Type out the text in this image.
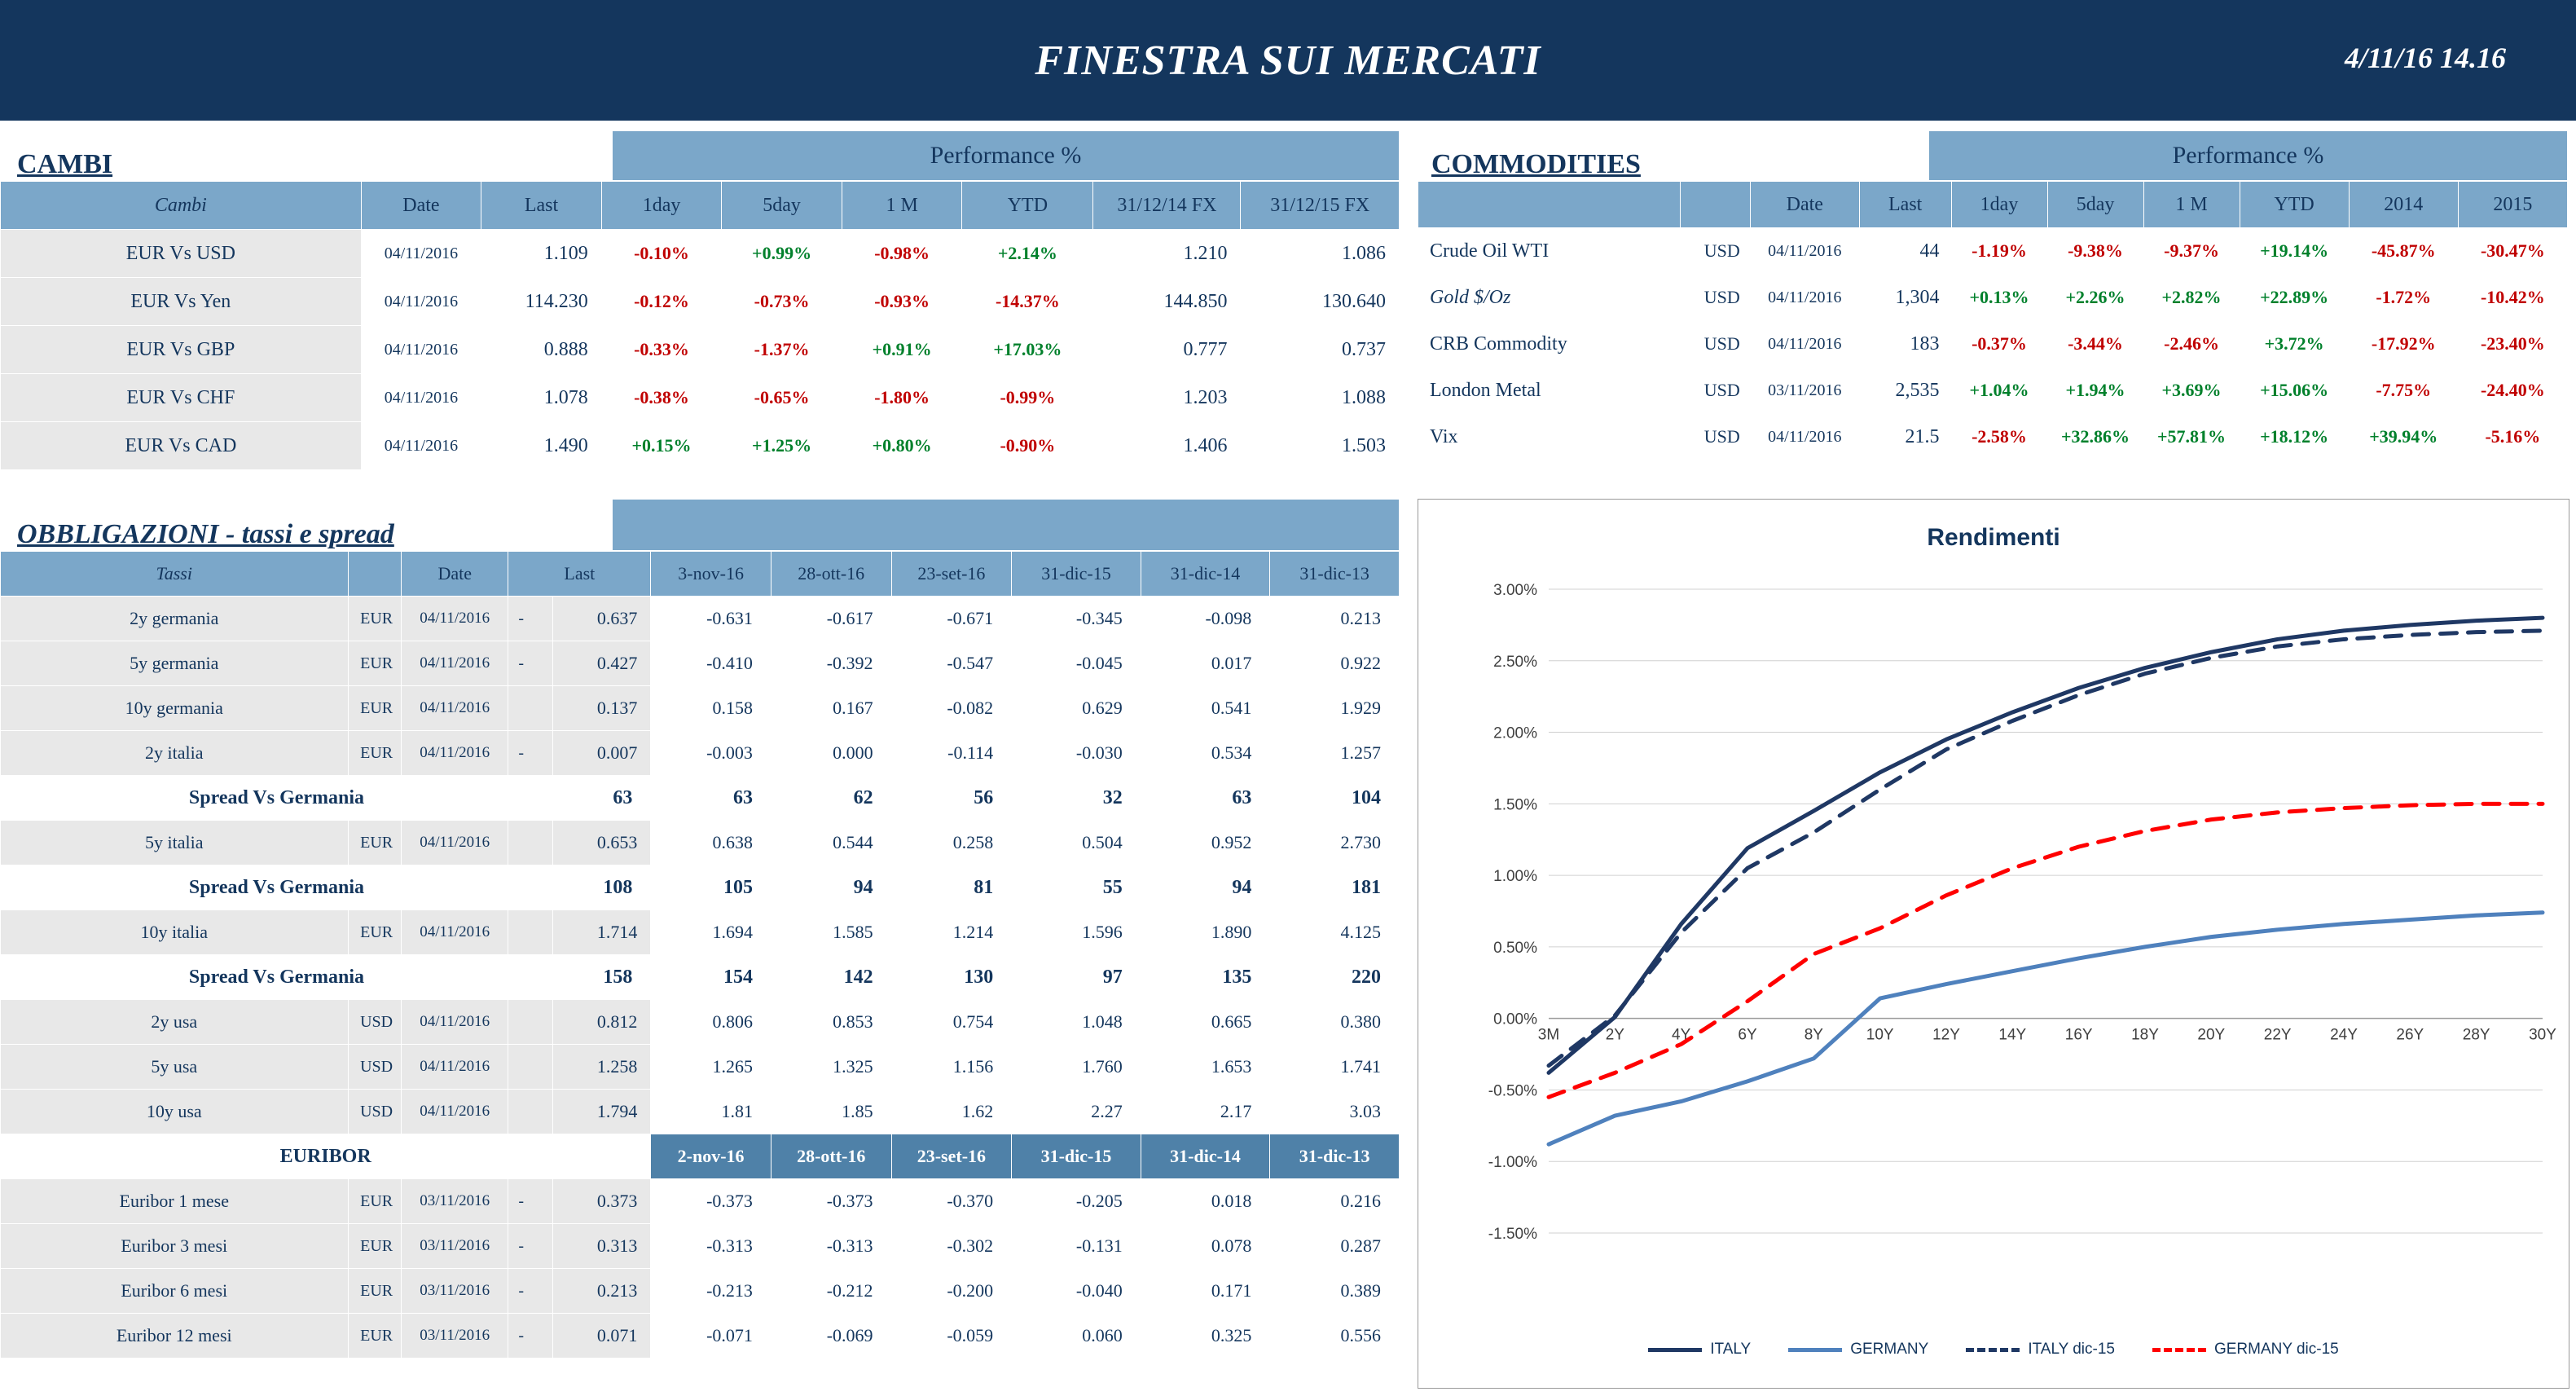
FINESTRA SUI MERCATI	4/11/16 14.16
CAMBI	Performance %
Cambi	Date	Last	1day	5day	1 M	YTD	31/12/14 FX	31/12/15 FX
EUR Vs USD	04/11/2016	1.109	-0.10%	+0.99%	-0.98%	+2.14%	1.210	1.086
EUR Vs Yen	04/11/2016	114.230	-0.12%	-0.73%	-0.93%	-14.37%	144.850	130.640
EUR Vs GBP	04/11/2016	0.888	-0.33%	-1.37%	+0.91%	+17.03%	0.777	0.737
EUR Vs CHF	04/11/2016	1.078	-0.38%	-0.65%	-1.80%	-0.99%	1.203	1.088
EUR Vs CAD	04/11/2016	1.490	+0.15%	+1.25%	+0.80%	-0.90%	1.406	1.503
COMMODITIES	Performance %
		Date	Last	1day	5day	1 M	YTD	2014	2015
Crude Oil WTI	USD	04/11/2016	44	-1.19%	-9.38%	-9.37%	+19.14%	-45.87%	-30.47%
Gold $/Oz	USD	04/11/2016	1,304	+0.13%	+2.26%	+2.82%	+22.89%	-1.72%	-10.42%
CRB Commodity	USD	04/11/2016	183	-0.37%	-3.44%	-2.46%	+3.72%	-17.92%	-23.40%
London Metal	USD	03/11/2016	2,535	+1.04%	+1.94%	+3.69%	+15.06%	-7.75%	-24.40%
Vix	USD	04/11/2016	21.5	-2.58%	+32.86%	+57.81%	+18.12%	+39.94%	-5.16%
OBBLIGAZIONI - tassi e spread	
Tassi		Date	Last		3-nov-16	28-ott-16	23-set-16	31-dic-15	31-dic-14	31-dic-13
2y germania	EUR	04/11/2016	-	0.637	-0.631	-0.617	-0.671	-0.345	-0.098	0.213
5y germania	EUR	04/11/2016	-	0.427	-0.410	-0.392	-0.547	-0.045	0.017	0.922
10y germania	EUR	04/11/2016		0.137	0.158	0.167	-0.082	0.629	0.541	1.929
2y italia	EUR	04/11/2016	-	0.007	-0.003	0.000	-0.114	-0.030	0.534	1.257
Spread Vs Germania				63	63	62	56	32	63	104
5y italia	EUR	04/11/2016		0.653	0.638	0.544	0.258	0.504	0.952	2.730
Spread Vs Germania				108	105	94	81	55	94	181
10y italia	EUR	04/11/2016		1.714	1.694	1.585	1.214	1.596	1.890	4.125
Spread Vs Germania				158	154	142	130	97	135	220
2y usa	USD	04/11/2016		0.812	0.806	0.853	0.754	1.048	0.665	0.380
5y usa	USD	04/11/2016		1.258	1.265	1.325	1.156	1.760	1.653	1.741
10y usa	USD	04/11/2016		1.794	1.81	1.85	1.62	2.27	2.17	3.03
EURIBOR					2-nov-16	28-ott-16	23-set-16	31-dic-15	31-dic-14	31-dic-13
Euribor 1 mese	EUR	03/11/2016	-	0.373	-0.373	-0.373	-0.370	-0.205	0.018	0.216
Euribor 3 mesi	EUR	03/11/2016	-	0.313	-0.313	-0.313	-0.302	-0.131	0.078	0.287
Euribor 6 mesi	EUR	03/11/2016	-	0.213	-0.213	-0.212	-0.200	-0.040	0.171	0.389
Euribor 12 mesi	EUR	03/11/2016	-	0.071	-0.071	-0.069	-0.059	0.060	0.325	0.556
Rendimenti
3.00%
2.50%
2.00%
1.50%
1.00%
0.50%
0.00%
-0.50%
-1.00%
-1.50%
3M	2Y	4Y	6Y	8Y	10Y	12Y	14Y	16Y	18Y	20Y	22Y	24Y	26Y	28Y	30Y
ITALY	GERMANY	ITALY dic-15	GERMANY dic-15
